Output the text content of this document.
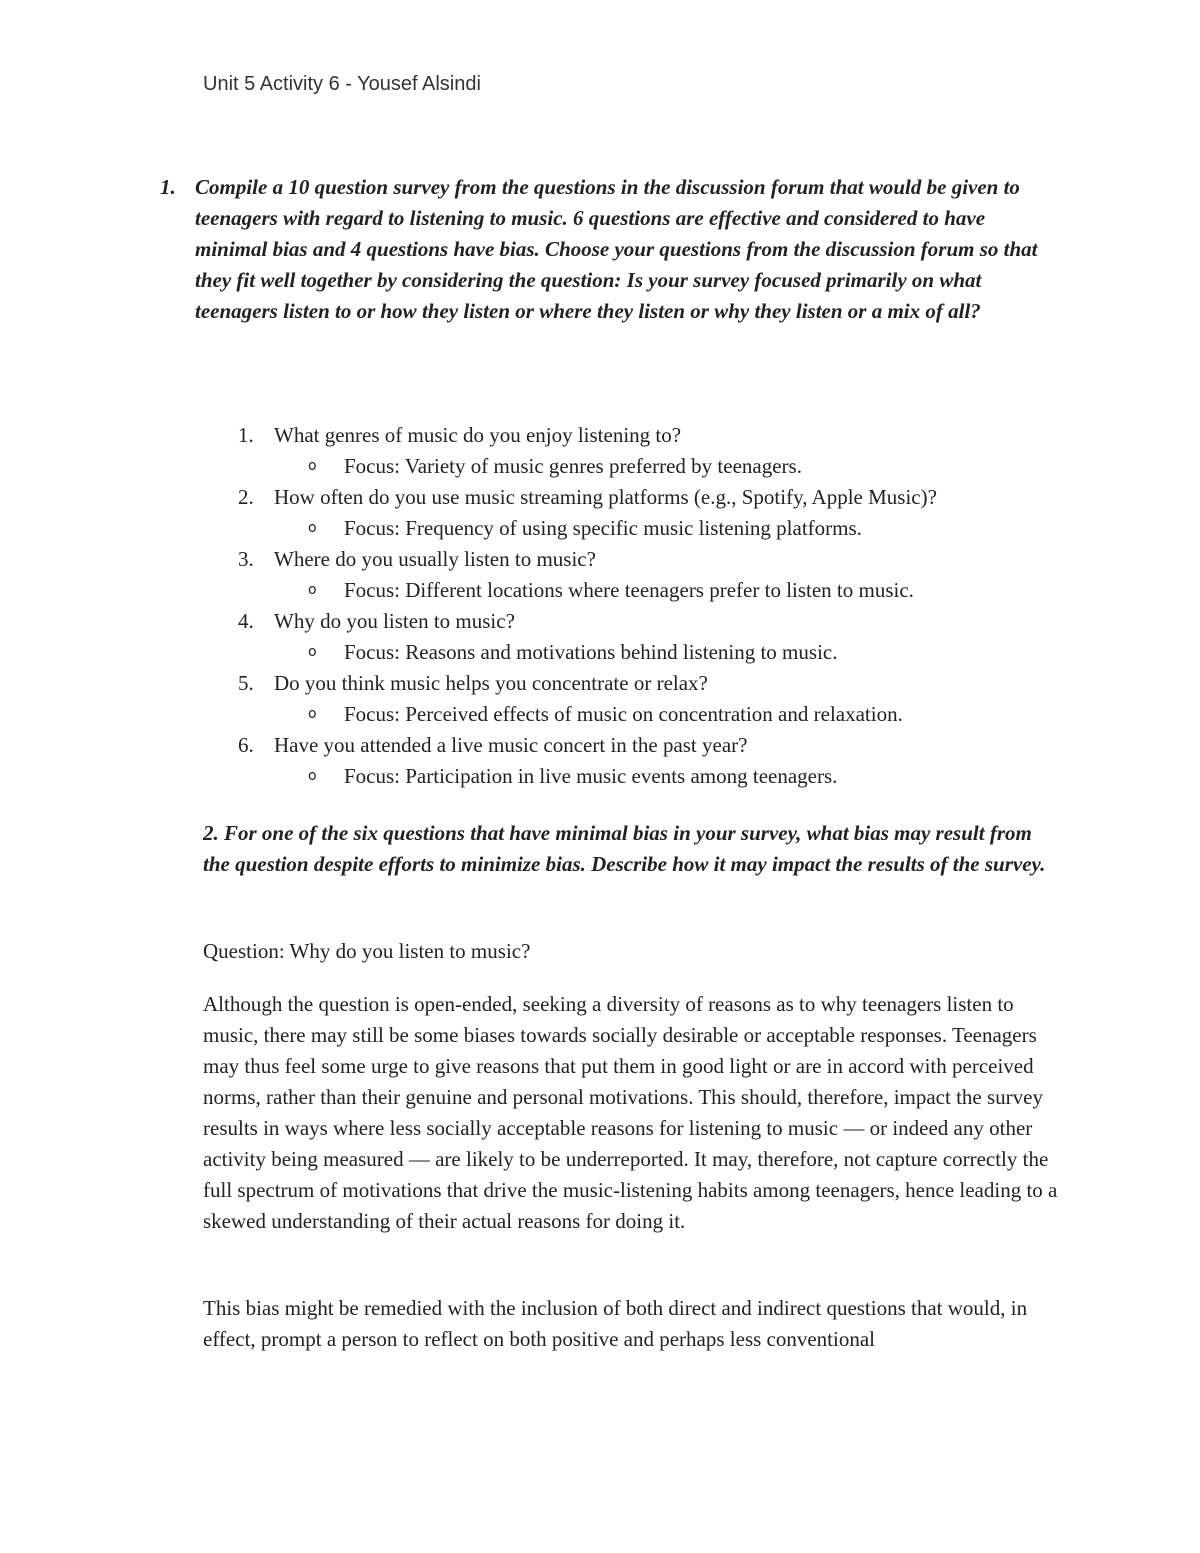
Unit 5 Activity 6 - Yousef Alsindi
1. Compile a 10 question survey from the questions in the discussion forum that would be given to teenagers with regard to listening to music. 6 questions are effective and considered to have minimal bias and 4 questions have bias. Choose your questions from the discussion forum so that they fit well together by considering the question: Is your survey focused primarily on what teenagers listen to or how they listen or where they listen or why they listen or a mix of all?
1. What genres of music do you enjoy listening to?
o Focus: Variety of music genres preferred by teenagers.
2. How often do you use music streaming platforms (e.g., Spotify, Apple Music)?
o Focus: Frequency of using specific music listening platforms.
3. Where do you usually listen to music?
o Focus: Different locations where teenagers prefer to listen to music.
4. Why do you listen to music?
o Focus: Reasons and motivations behind listening to music.
5. Do you think music helps you concentrate or relax?
o Focus: Perceived effects of music on concentration and relaxation.
6. Have you attended a live music concert in the past year?
o Focus: Participation in live music events among teenagers.
2. For one of the six questions that have minimal bias in your survey, what bias may result from the question despite efforts to minimize bias. Describe how it may impact the results of the survey.
Question: Why do you listen to music?
Although the question is open-ended, seeking a diversity of reasons as to why teenagers listen to music, there may still be some biases towards socially desirable or acceptable responses. Teenagers may thus feel some urge to give reasons that put them in good light or are in accord with perceived norms, rather than their genuine and personal motivations. This should, therefore, impact the survey results in ways where less socially acceptable reasons for listening to music — or indeed any other activity being measured — are likely to be underreported. It may, therefore, not capture correctly the full spectrum of motivations that drive the music-listening habits among teenagers, hence leading to a skewed understanding of their actual reasons for doing it.
This bias might be remedied with the inclusion of both direct and indirect questions that would, in effect, prompt a person to reflect on both positive and perhaps less conventional
